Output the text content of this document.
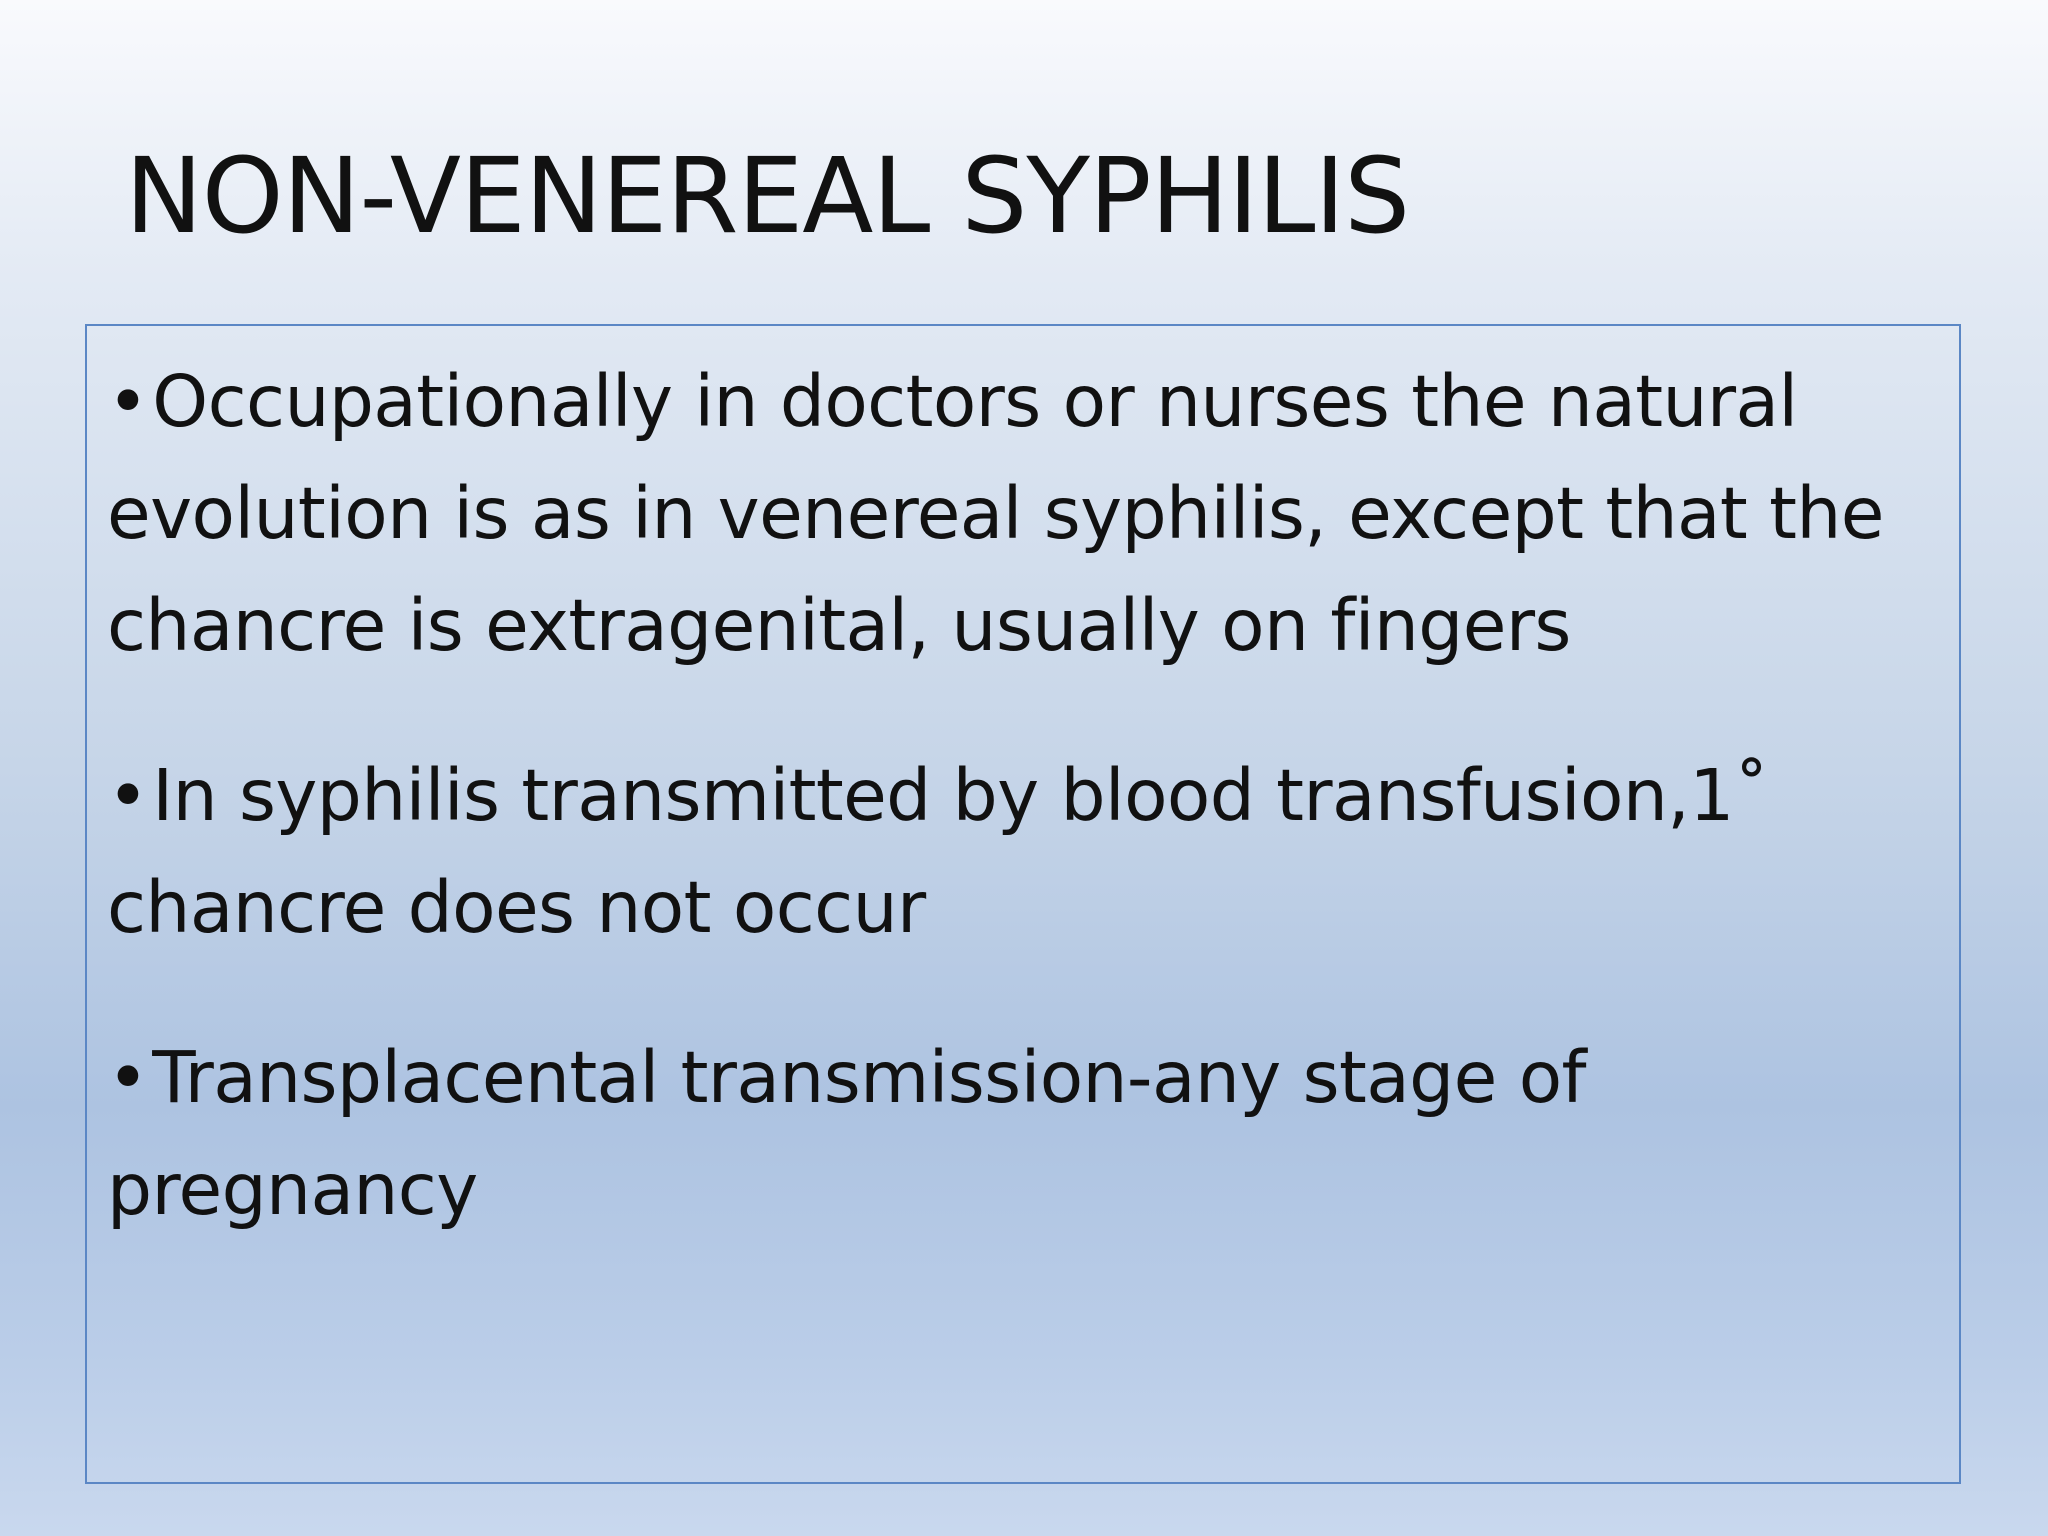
NON-VENEREAL SYPHILIS
•Occupationally in doctors or nurses the natural evolution is as in venereal syphilis, except that the chancre is extragenital, usually on fingers
•In syphilis transmitted by blood transfusion,1˚ chancre does not occur
•Transplacental transmission-any stage of pregnancy
